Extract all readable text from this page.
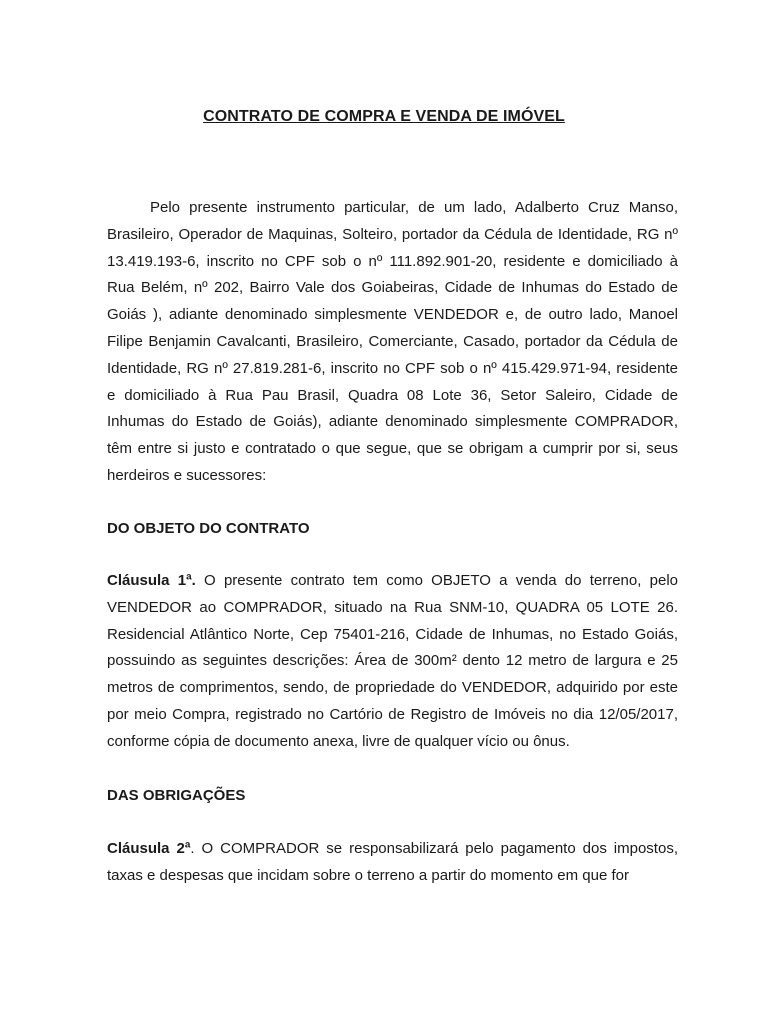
CONTRATO DE COMPRA E VENDA DE IMÓVEL

Pelo presente instrumento particular, de um lado, Adalberto Cruz Manso, Brasileiro, Operador de Maquinas, Solteiro, portador da Cédula de Identidade, RG nº 13.419.193-6, inscrito no CPF sob o nº 111.892.901-20, residente e domiciliado à Rua Belém, nº 202, Bairro Vale dos Goiabeiras, Cidade de Inhumas do Estado de Goiás ), adiante denominado simplesmente VENDEDOR e, de outro lado, Manoel Filipe Benjamin Cavalcanti, Brasileiro, Comerciante, Casado, portador da Cédula de Identidade, RG nº 27.819.281-6, inscrito no CPF sob o nº 415.429.971-94, residente e domiciliado à Rua Pau Brasil, Quadra 08 Lote 36, Setor Saleiro, Cidade de Inhumas do Estado de Goiás), adiante denominado simplesmente COMPRADOR, têm entre si justo e contratado o que segue, que se obrigam a cumprir por si, seus herdeiros e sucessores:

DO OBJETO DO CONTRATO

Cláusula 1ª. O presente contrato tem como OBJETO a venda do terreno, pelo VENDEDOR ao COMPRADOR, situado na Rua SNM-10, QUADRA 05 LOTE 26. Residencial Atlântico Norte, Cep 75401-216, Cidade de Inhumas, no Estado Goiás, possuindo as seguintes descrições: Área de 300m² dento 12 metro de largura e 25 metros de comprimentos, sendo, de propriedade do VENDEDOR, adquirido por este por meio Compra, registrado no Cartório de Registro de Imóveis no dia 12/05/2017, conforme cópia de documento anexa, livre de qualquer vício ou ônus.

DAS OBRIGAÇÕES

Cláusula 2ª. O COMPRADOR se responsabilizará pelo pagamento dos impostos, taxas e despesas que incidam sobre o terreno a partir do momento em que for
